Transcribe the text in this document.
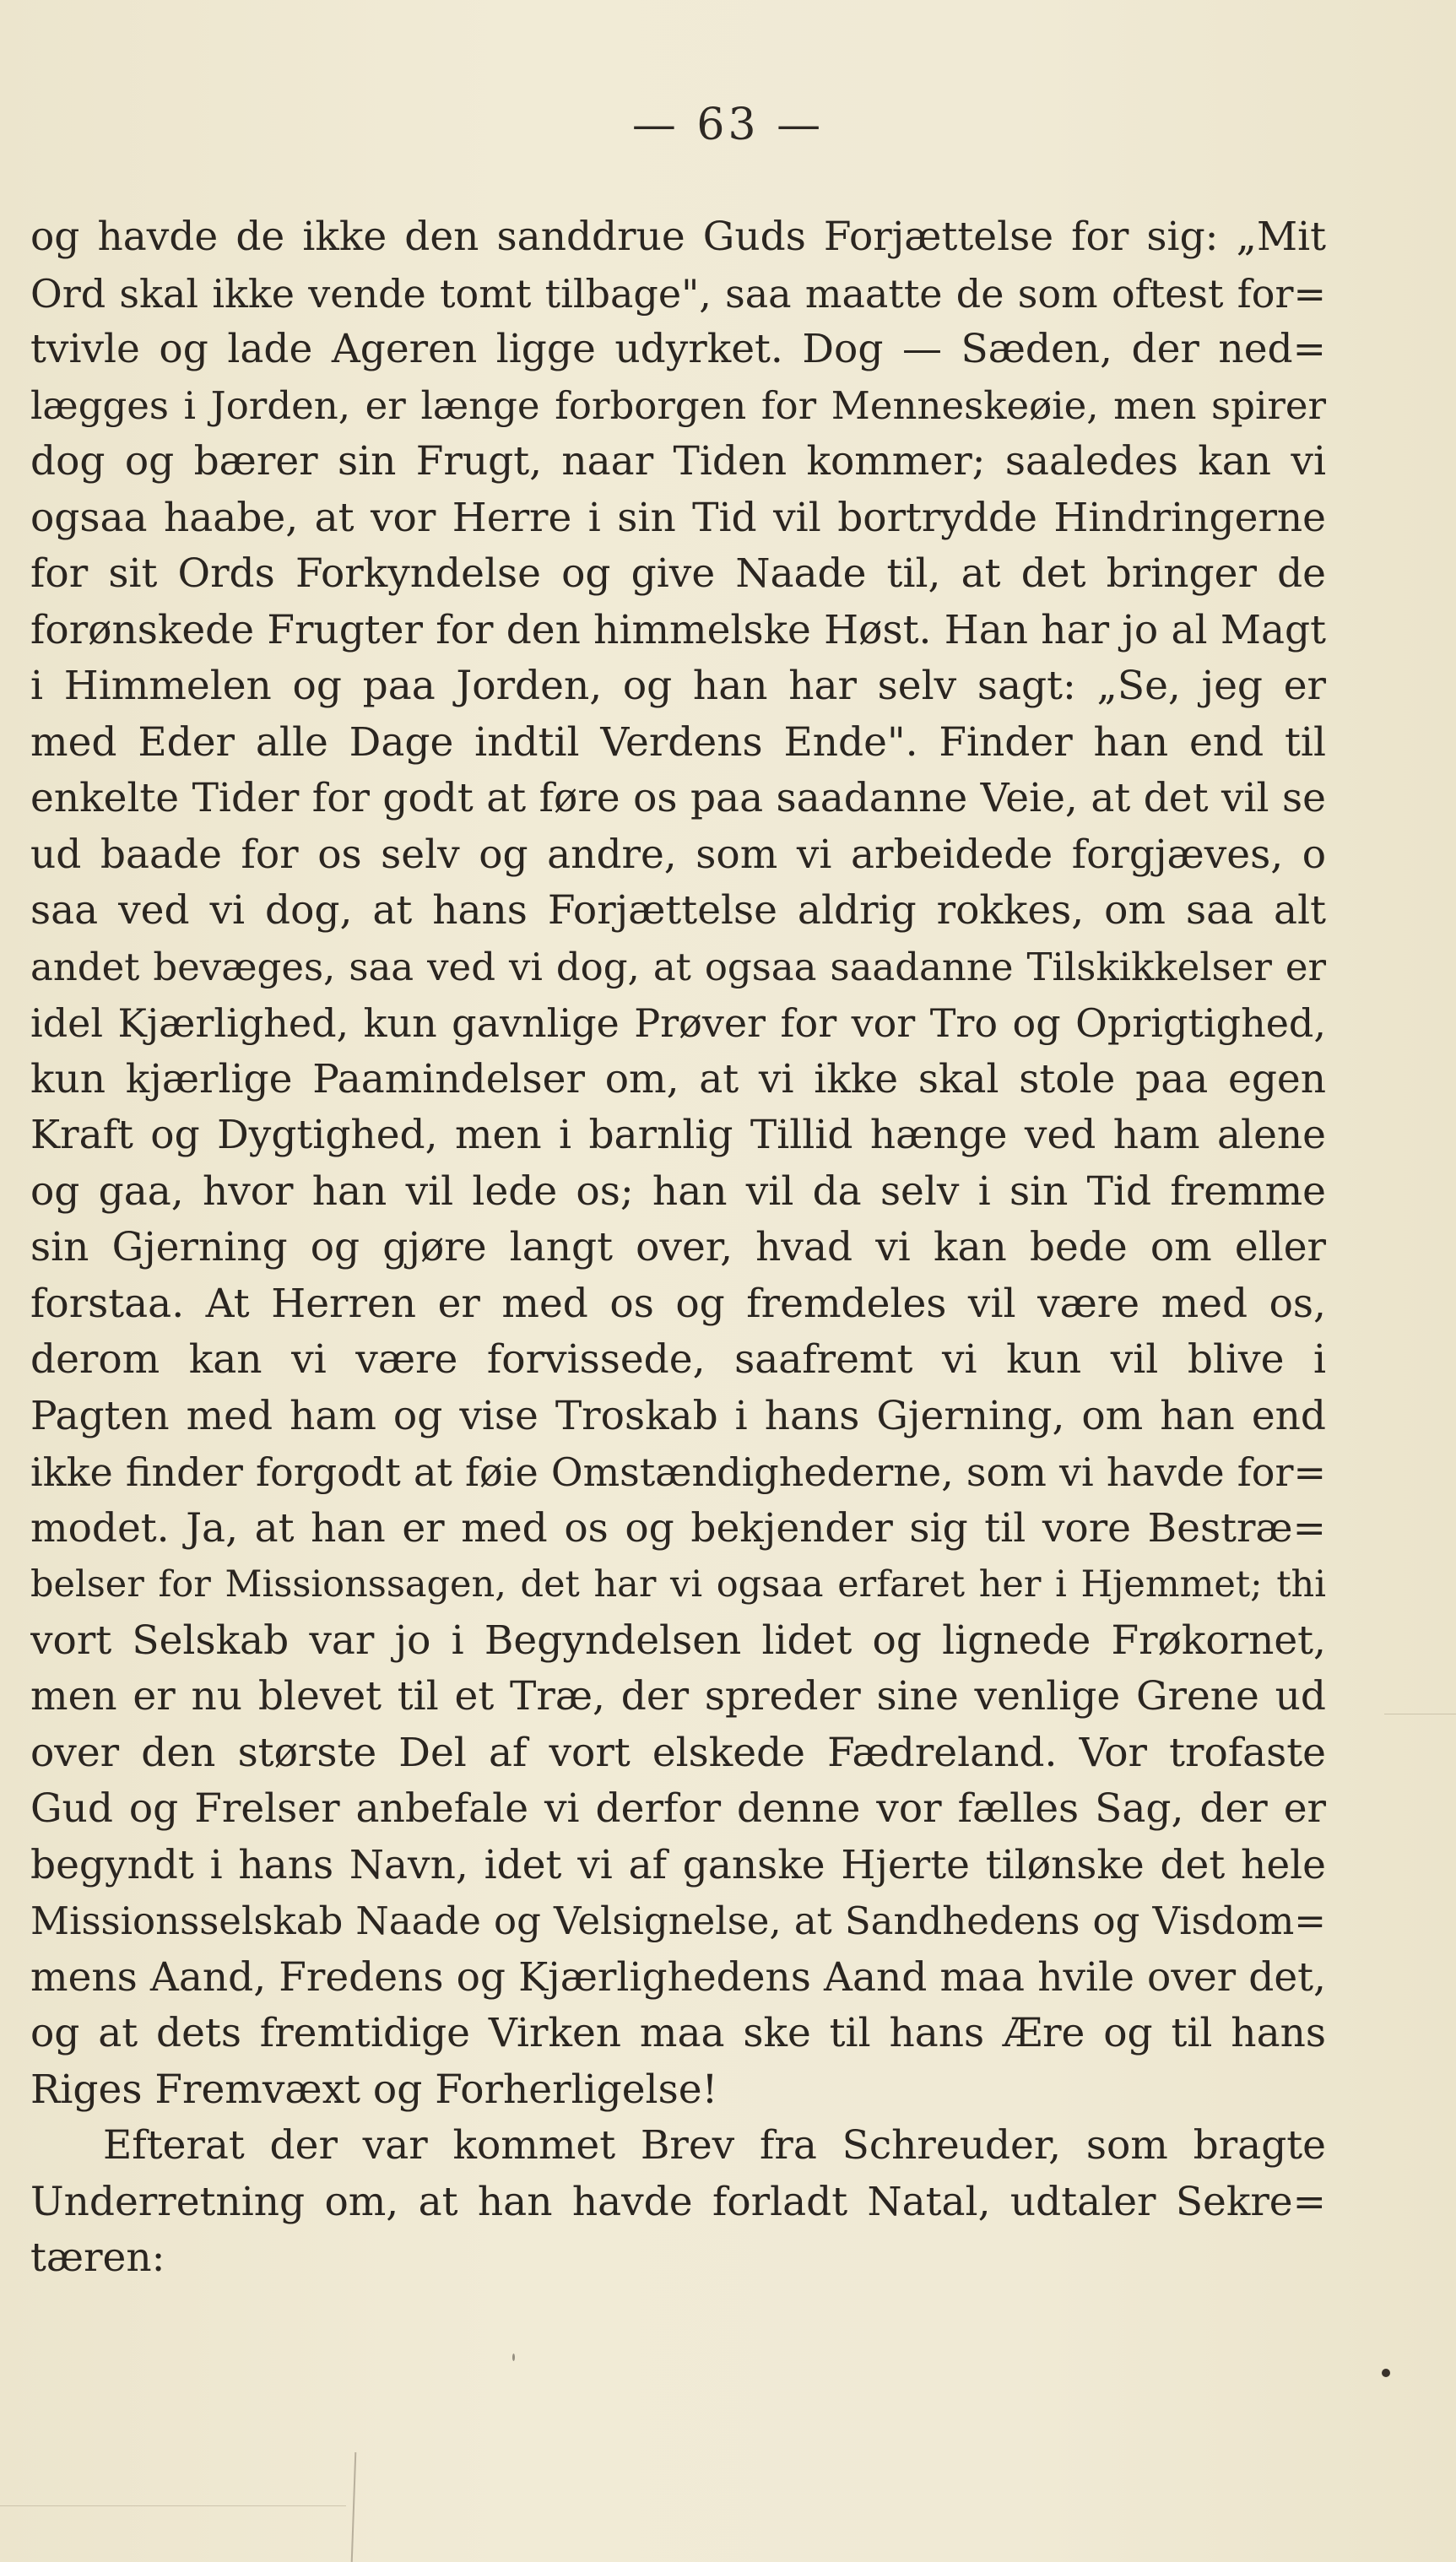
— 63 —
og havde de ikke den sanddrue Guds Forjættelse for sig: „Mit
Ord skal ikke vende tomt tilbage", saa maatte de som oftest for=
tvivle og lade Ageren ligge udyrket. Dog — Sæden, der ned=
lægges i Jorden, er længe forborgen for Menneskeøie, men spirer
dog og bærer sin Frugt, naar Tiden kommer; saaledes kan vi
ogsaa haabe, at vor Herre i sin Tid vil bortrydde Hindringerne
for sit Ords Forkyndelse og give Naade til, at det bringer de
forønskede Frugter for den himmelske Høst. Han har jo al Magt
i Himmelen og paa Jorden, og han har selv sagt: „Se, jeg er
med Eder alle Dage indtil Verdens Ende". Finder han end til
enkelte Tider for godt at føre os paa saadanne Veie, at det vil se
ud baade for os selv og andre, som vi arbeidede forgjæves, o
saa ved vi dog, at hans Forjættelse aldrig rokkes, om saa alt
andet bevæges, saa ved vi dog, at ogsaa saadanne Tilskikkelser er
idel Kjærlighed, kun gavnlige Prøver for vor Tro og Oprigtighed,
kun kjærlige Paamindelser om, at vi ikke skal stole paa egen
Kraft og Dygtighed, men i barnlig Tillid hænge ved ham alene
og gaa, hvor han vil lede os; han vil da selv i sin Tid fremme
sin Gjerning og gjøre langt over, hvad vi kan bede om eller
forstaa. At Herren er med os og fremdeles vil være med os,
derom kan vi være forvissede, saafremt vi kun vil blive i
Pagten med ham og vise Troskab i hans Gjerning, om han end
ikke finder forgodt at føie Omstændighederne, som vi havde for=
modet. Ja, at han er med os og bekjender sig til vore Bestræ=
belser for Missionssagen, det har vi ogsaa erfaret her i Hjemmet; thi
vort Selskab var jo i Begyndelsen lidet og lignede Frøkornet,
men er nu blevet til et Træ, der spreder sine venlige Grene ud
over den største Del af vort elskede Fædreland. Vor trofaste
Gud og Frelser anbefale vi derfor denne vor fælles Sag, der er
begyndt i hans Navn, idet vi af ganske Hjerte tilønske det hele
Missionsselskab Naade og Velsignelse, at Sandhedens og Visdom=
mens Aand, Fredens og Kjærlighedens Aand maa hvile over det,
og at dets fremtidige Virken maa ske til hans Ære og til hans
Riges Fremvæxt og Forherligelse!
Efterat der var kommet Brev fra Schreuder, som bragte
Underretning om, at han havde forladt Natal, udtaler Sekre=
tæren:
